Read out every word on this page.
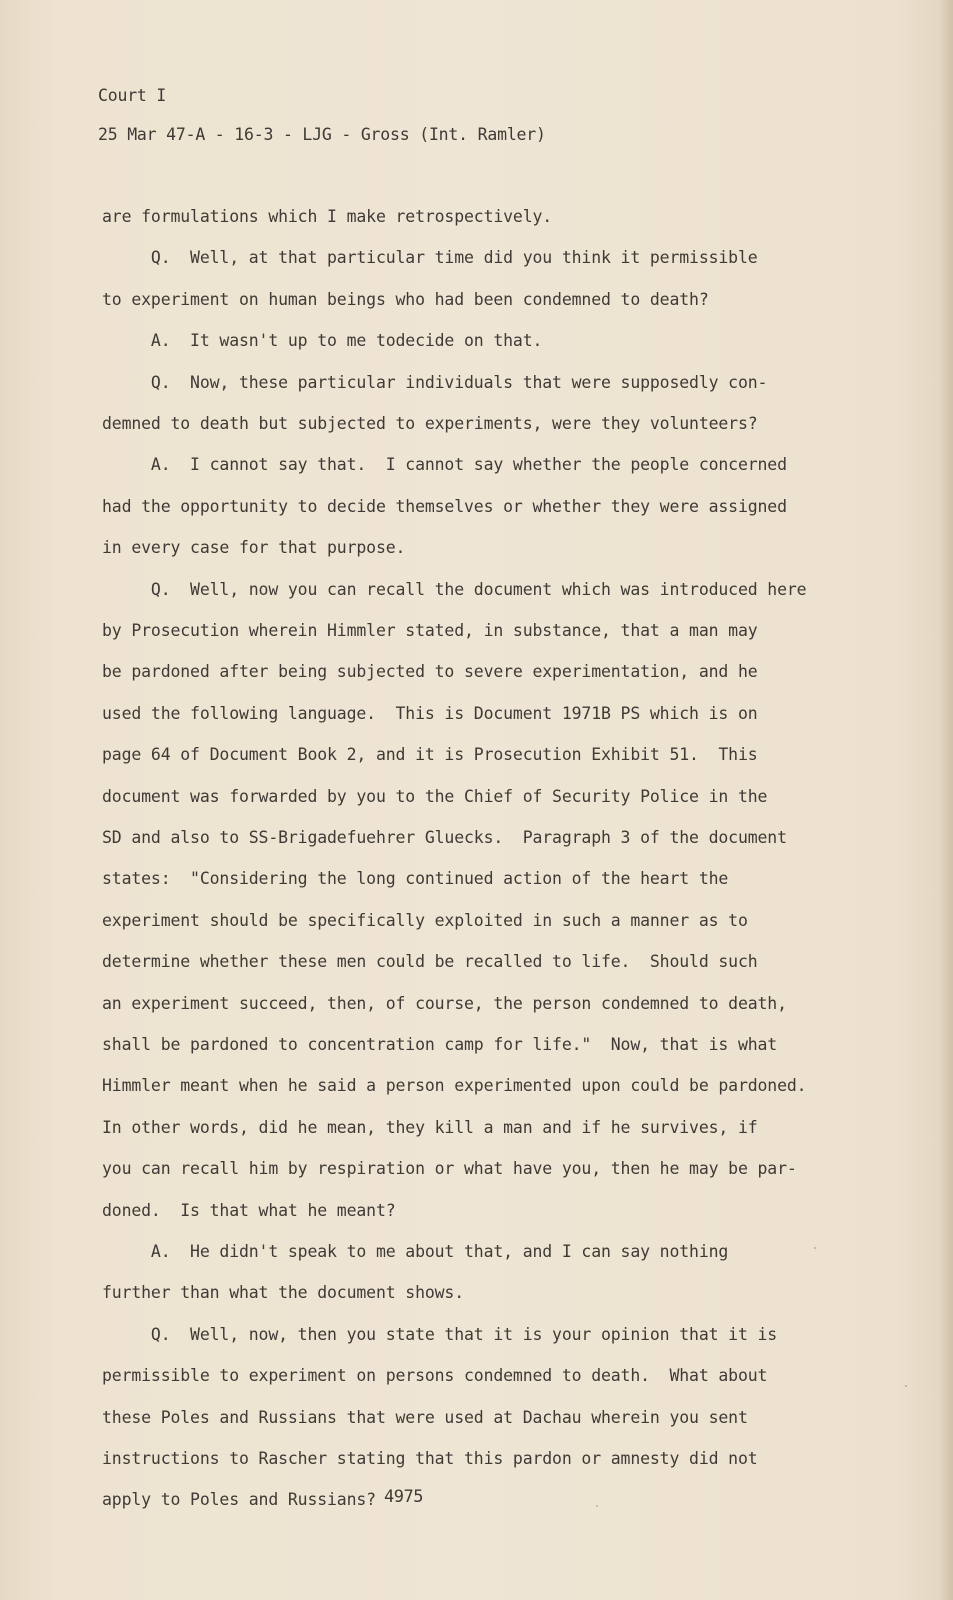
Court I
25 Mar 47-A - 16-3 - LJG - Gross (Int. Ramler)
are formulations which I make retrospectively.
Q.  Well, at that particular time did you think it permissible
to experiment on human beings who had been condemned to death?
A.  It wasn't up to me todecide on that.
Q.  Now, these particular individuals that were supposedly con-
demned to death but subjected to experiments, were they volunteers?
A.  I cannot say that.  I cannot say whether the people concerned
had the opportunity to decide themselves or whether they were assigned
in every case for that purpose.
Q.  Well, now you can recall the document which was introduced here
by Prosecution wherein Himmler stated, in substance, that a man may
be pardoned after being subjected to severe experimentation, and he
used the following language.  This is Document 1971B PS which is on
page 64 of Document Book 2, and it is Prosecution Exhibit 51.  This
document was forwarded by you to the Chief of Security Police in the
SD and also to SS-Brigadefuehrer Gluecks.  Paragraph 3 of the document
states:  "Considering the long continued action of the heart the
experiment should be specifically exploited in such a manner as to
determine whether these men could be recalled to life.  Should such
an experiment succeed, then, of course, the person condemned to death,
shall be pardoned to concentration camp for life."  Now, that is what
Himmler meant when he said a person experimented upon could be pardoned.
In other words, did he mean, they kill a man and if he survives, if
you can recall him by respiration or what have you, then he may be par-
doned.  Is that what he meant?
A.  He didn't speak to me about that, and I can say nothing
further than what the document shows.
Q.  Well, now, then you state that it is your opinion that it is
permissible to experiment on persons condemned to death.  What about
these Poles and Russians that were used at Dachau wherein you sent
instructions to Rascher stating that this pardon or amnesty did not
apply to Poles and Russians? 4975
